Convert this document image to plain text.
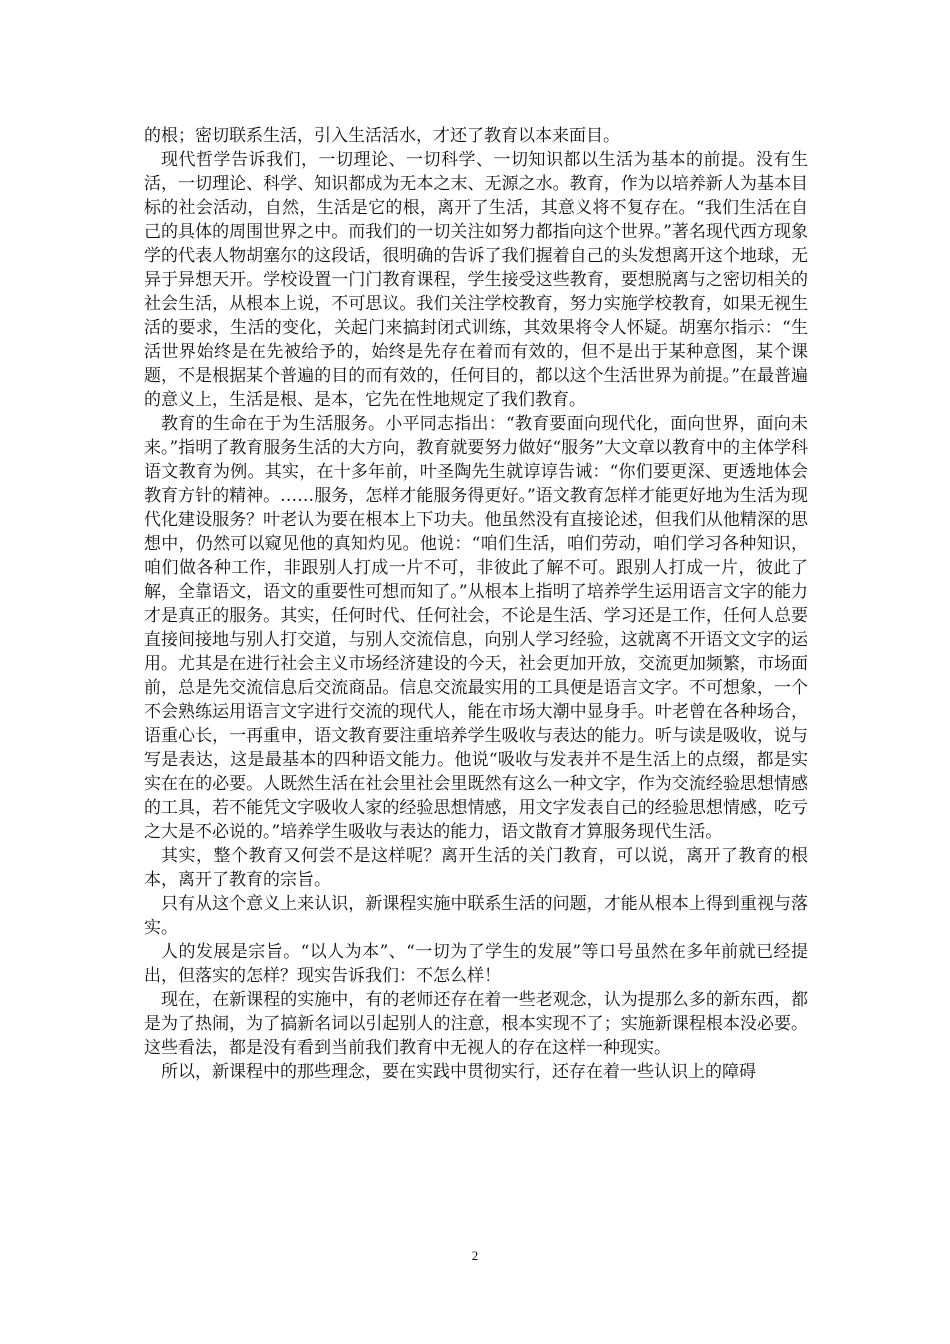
的根；密切联系生活，引入生活活水，才还了教育以本来面目。

现代哲学告诉我们，一切理论、一切科学、一切知识都以生活为基本的前提。没有生活，一切理论、科学、知识都成为无本之末、无源之水。教育，作为以培养新人为基本目标的社会活动，自然，生活是它的根，离开了生活，其意义将不复存在。“我们生活在自己的具体的周围世界之中。而我们的一切关注如努力都指向这个世界。”著名现代西方现象学的代表人物胡塞尔的这段话，很明确的告诉了我们握着自己的头发想离开这个地球，无异于异想天开。学校设置一门门教育课程，学生接受这些教育，要想脱离与之密切相关的社会生活，从根本上说，不可思议。我们关注学校教育，努力实施学校教育，如果无视生活的要求，生活的变化，关起门来搞封闭式训练，其效果将令人怀疑。胡塞尔指示：“生活世界始终是在先被给予的，始终是先存在着而有效的，但不是出于某种意图，某个课题，不是根据某个普遍的目的而有效的，任何目的，都以这个生活世界为前提。”在最普遍的意义上，生活是根、是本，它先在性地规定了我们教育。

教育的生命在于为生活服务。小平同志指出：“教育要面向现代化，面向世界，面向未来。”指明了教育服务生活的大方向，教育就要努力做好“服务”大文章以教育中的主体学科语文教育为例。其实，在十多年前，叶圣陶先生就谆谆告诫：“你们要更深、更透地体会教育方针的精神。……服务，怎样才能服务得更好。”语文教育怎样才能更好地为生活为现代化建设服务？叶老认为要在根本上下功夫。他虽然没有直接论述，但我们从他精深的思想中，仍然可以窥见他的真知灼见。他说：“咱们生活，咱们劳动，咱们学习各种知识，咱们做各种工作，非跟别人打成一片不可，非彼此了解不可。跟别人打成一片，彼此了解，全靠语文，语文的重要性可想而知了。”从根本上指明了培养学生运用语言文字的能力才是真正的服务。其实，任何时代、任何社会，不论是生活、学习还是工作，任何人总要直接间接地与别人打交道，与别人交流信息，向别人学习经验，这就离不开语文文字的运用。尤其是在进行社会主义市场经济建设的今天，社会更加开放，交流更加频繁，市场面前，总是先交流信息后交流商品。信息交流最实用的工具便是语言文字。不可想象，一个不会熟练运用语言文字进行交流的现代人，能在市场大潮中显身手。叶老曾在各种场合，语重心长，一再重申，语文教育要注重培养学生吸收与表达的能力。听与读是吸收，说与写是表达，这是最基本的四种语文能力。他说“吸收与发表并不是生活上的点缀，都是实实在在的必要。人既然生活在社会里社会里既然有这么一种文字，作为交流经验思想情感的工具，若不能凭文字吸收人家的经验思想情感，用文字发表自己的经验思想情感，吃亏之大是不必说的。”培养学生吸收与表达的能力，语文散育才算服务现代生活。

其实，整个教育又何尝不是这样呢？离开生活的关门教育，可以说，离开了教育的根本，离开了教育的宗旨。

只有从这个意义上来认识，新课程实施中联系生活的问题，才能从根本上得到重视与落实。

人的发展是宗旨。“以人为本”、“一切为了学生的发展”等口号虽然在多年前就已经提出，但落实的怎样？现实告诉我们：不怎么样！

现在，在新课程的实施中，有的老师还存在着一些老观念，认为提那么多的新东西，都是为了热闹，为了搞新名词以引起别人的注意，根本实现不了；实施新课程根本没必要。这些看法，都是没有看到当前我们教育中无视人的存在这样一种现实。

所以，新课程中的那些理念，要在实践中贯彻实行，还存在着一些认识上的障碍

2
